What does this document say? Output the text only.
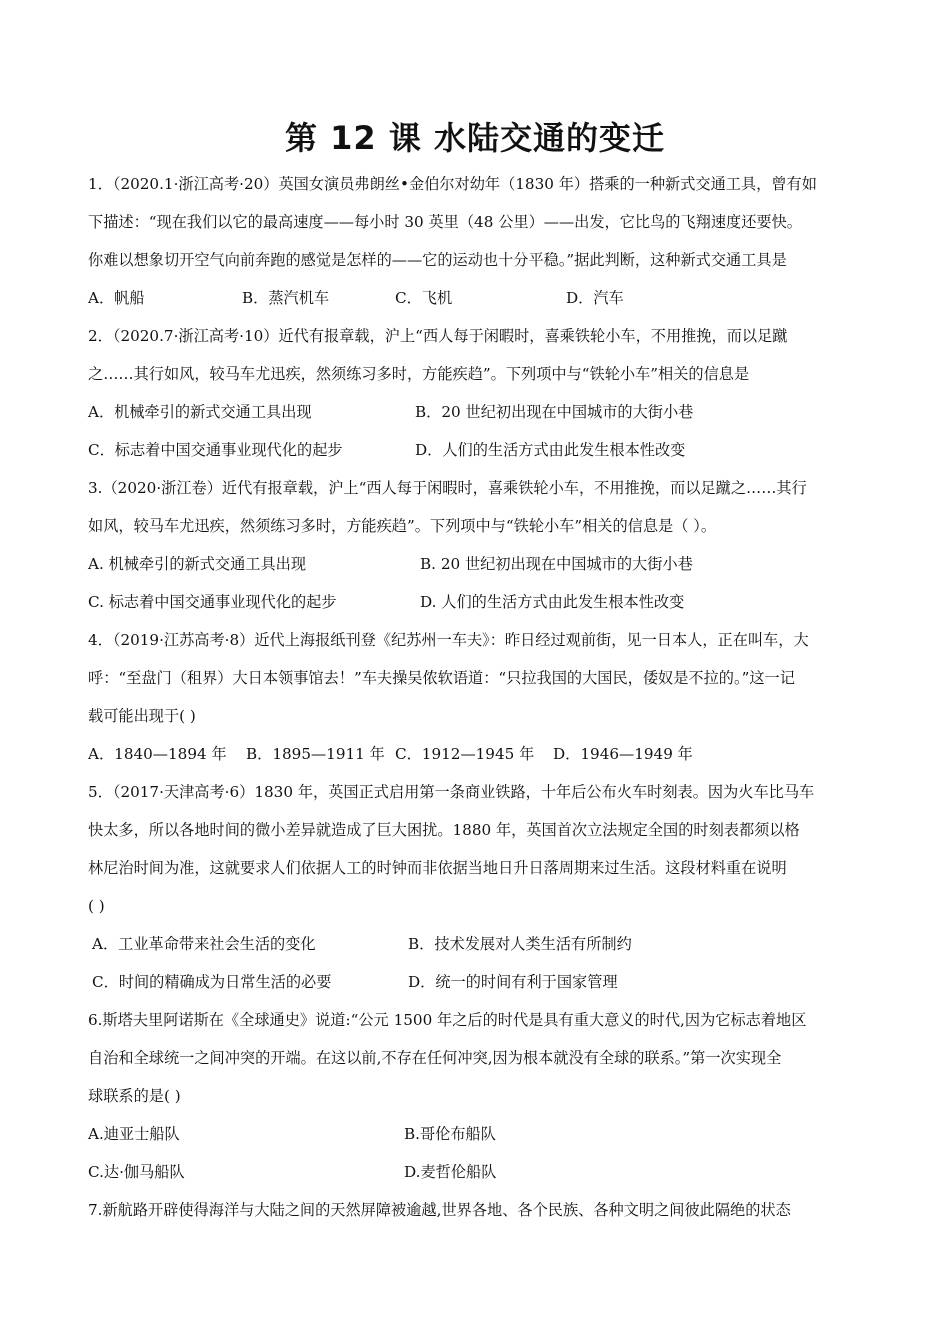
第 12 课 水陆交通的变迁
1．（2020.1·浙江高考·20）英国女演员弗朗丝•金伯尔对幼年（1830 年）搭乘的一种新式交通工具，曾有如
下描述：“现在我们以它的最高速度——每小时 30 英里（48 公里）——出发，它比鸟的飞翔速度还要快。
你难以想象切开空气向前奔跑的感觉是怎样的——它的运动也十分平稳。”据此判断，这种新式交通工具是
A．帆船	B．蒸汽机车	C．飞机	D．汽车
2．（2020.7·浙江高考·10）近代有报章载，沪上“西人每于闲暇时，喜乘铁轮小车，不用推挽，而以足蹴
之……其行如风，较马车尤迅疾，然须练习多时，方能疾趋”。下列项中与“铁轮小车”相关的信息是
A．机械牵引的新式交通工具出现	B．20 世纪初出现在中国城市的大街小巷
C．标志着中国交通事业现代化的起步	D．人们的生活方式由此发生根本性改变
3.（2020·浙江卷）近代有报章载，沪上“西人每于闲暇时，喜乘铁轮小车，不用推挽，而以足蹴之……其行
如风，较马车尤迅疾，然须练习多时，方能疾趋”。下列项中与“铁轮小车”相关的信息是（ ）。
A. 机械牵引的新式交通工具出现	B. 20 世纪初出现在中国城市的大街小巷
C. 标志着中国交通事业现代化的起步	D. 人们的生活方式由此发生根本性改变
4．（2019·江苏高考·8）近代上海报纸刊登《纪苏州一车夫》：昨日经过观前街，见一日本人，正在叫车，大
呼：“至盘门（租界）大日本领事馆去！”车夫操吴侬软语道：“只拉我国的大国民，倭奴是不拉的。”这一记
载可能出现于( )
A．1840—1894 年 B．1895—1911 年 C．1912—1945 年 D．1946—1949 年
5．（2017·天津高考·6）1830 年，英国正式启用第一条商业铁路，十年后公布火车时刻表。因为火车比马车
快太多，所以各地时间的微小差异就造成了巨大困扰。1880 年，英国首次立法规定全国的时刻表都须以格
林尼治时间为准，这就要求人们依据人工的时钟而非依据当地日升日落周期来过生活。这段材料重在说明
( )
A．工业革命带来社会生活的变化	B．技术发展对人类生活有所制约
C．时间的精确成为日常生活的必要	D．统一的时间有利于国家管理
6.斯塔夫里阿诺斯在《全球通史》说道:“公元 1500 年之后的时代是具有重大意义的时代,因为它标志着地区
自治和全球统一之间冲突的开端。在这以前,不存在任何冲突,因为根本就没有全球的联系。”第一次实现全
球联系的是( )
A.迪亚士船队	B.哥伦布船队
C.达·伽马船队	D.麦哲伦船队
7.新航路开辟使得海洋与大陆之间的天然屏障被逾越,世界各地、各个民族、各种文明之间彼此隔绝的状态
